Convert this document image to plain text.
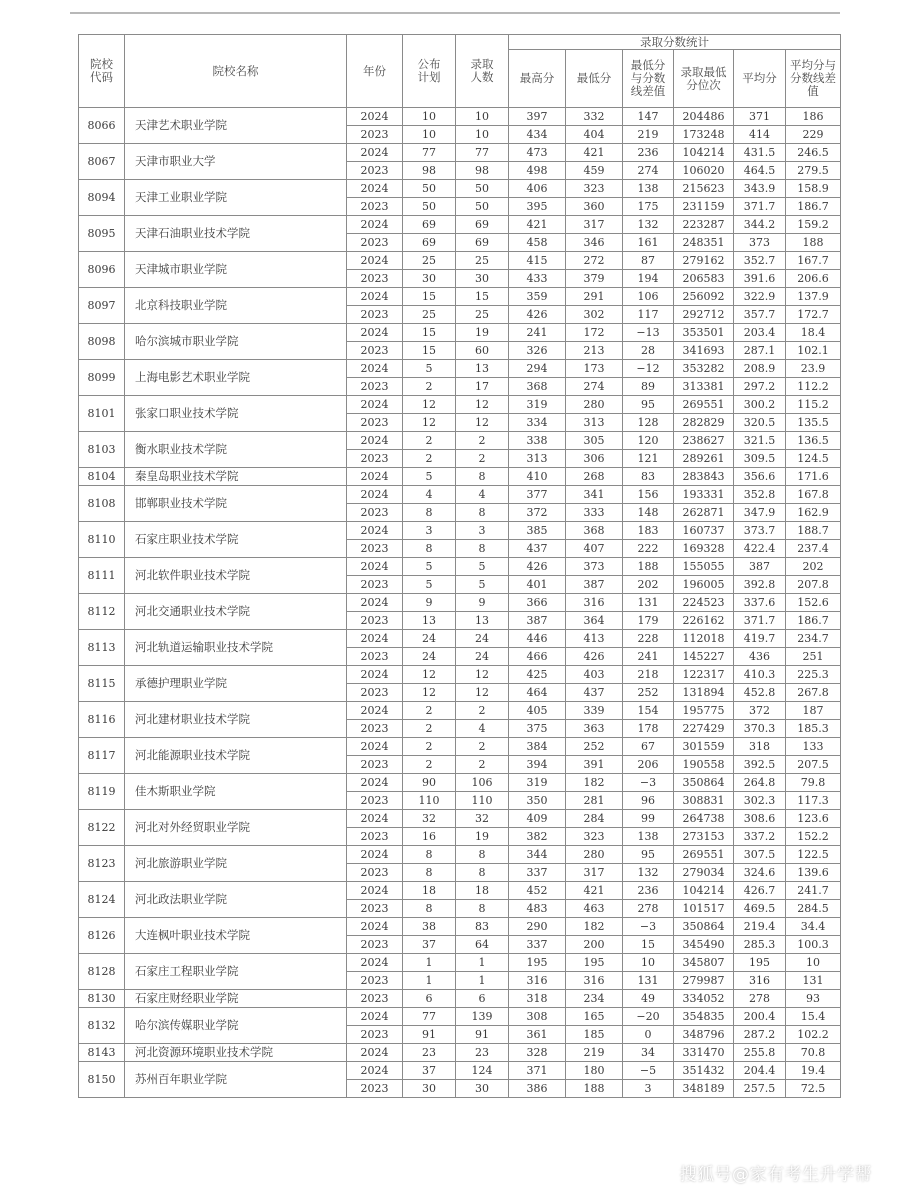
院校代码	院校名称	年份	公布计划	录取人数	录取分数统计					
					最高分	最低分	最低分与分数线差值	录取最低分位次	平均分	平均分与分数线差值
8066	天津艺术职业学院	2024	10	10	397	332	147	204486	371	186
		2023	10	10	434	404	219	173248	414	229
8067	天津市职业大学	2024	77	77	473	421	236	104214	431.5	246.5
		2023	98	98	498	459	274	106020	464.5	279.5
8094	天津工业职业学院	2024	50	50	406	323	138	215623	343.9	158.9
		2023	50	50	395	360	175	231159	371.7	186.7
8095	天津石油职业技术学院	2024	69	69	421	317	132	223287	344.2	159.2
		2023	69	69	458	346	161	248351	373	188
8096	天津城市职业学院	2024	25	25	415	272	87	279162	352.7	167.7
		2023	30	30	433	379	194	206583	391.6	206.6
8097	北京科技职业学院	2024	15	15	359	291	106	256092	322.9	137.9
		2023	25	25	426	302	117	292712	357.7	172.7
8098	哈尔滨城市职业学院	2024	15	19	241	172	−13	353501	203.4	18.4
		2023	15	60	326	213	28	341693	287.1	102.1
8099	上海电影艺术职业学院	2024	5	13	294	173	−12	353282	208.9	23.9
		2023	2	17	368	274	89	313381	297.2	112.2
8101	张家口职业技术学院	2024	12	12	319	280	95	269551	300.2	115.2
		2023	12	12	334	313	128	282829	320.5	135.5
8103	衡水职业技术学院	2024	2	2	338	305	120	238627	321.5	136.5
		2023	2	2	313	306	121	289261	309.5	124.5
8104	秦皇岛职业技术学院	2024	5	8	410	268	83	283843	356.6	171.6
8108	邯郸职业技术学院	2024	4	4	377	341	156	193331	352.8	167.8
		2023	8	8	372	333	148	262871	347.9	162.9
8110	石家庄职业技术学院	2024	3	3	385	368	183	160737	373.7	188.7
		2023	8	8	437	407	222	169328	422.4	237.4
8111	河北软件职业技术学院	2024	5	5	426	373	188	155055	387	202
		2023	5	5	401	387	202	196005	392.8	207.8
8112	河北交通职业技术学院	2024	9	9	366	316	131	224523	337.6	152.6
		2023	13	13	387	364	179	226162	371.7	186.7
8113	河北轨道运输职业技术学院	2024	24	24	446	413	228	112018	419.7	234.7
		2023	24	24	466	426	241	145227	436	251
8115	承德护理职业学院	2024	12	12	425	403	218	122317	410.3	225.3
		2023	12	12	464	437	252	131894	452.8	267.8
8116	河北建材职业技术学院	2024	2	2	405	339	154	195775	372	187
		2023	2	4	375	363	178	227429	370.3	185.3
8117	河北能源职业技术学院	2024	2	2	384	252	67	301559	318	133
		2023	2	2	394	391	206	190558	392.5	207.5
8119	佳木斯职业学院	2024	90	106	319	182	−3	350864	264.8	79.8
		2023	110	110	350	281	96	308831	302.3	117.3
8122	河北对外经贸职业学院	2024	32	32	409	284	99	264738	308.6	123.6
		2023	16	19	382	323	138	273153	337.2	152.2
8123	河北旅游职业学院	2024	8	8	344	280	95	269551	307.5	122.5
		2023	8	8	337	317	132	279034	324.6	139.6
8124	河北政法职业学院	2024	18	18	452	421	236	104214	426.7	241.7
		2023	8	8	483	463	278	101517	469.5	284.5
8126	大连枫叶职业技术学院	2024	38	83	290	182	−3	350864	219.4	34.4
		2023	37	64	337	200	15	345490	285.3	100.3
8128	石家庄工程职业学院	2024	1	1	195	195	10	345807	195	10
		2023	1	1	316	316	131	279987	316	131
8130	石家庄财经职业学院	2023	6	6	318	234	49	334052	278	93
8132	哈尔滨传媒职业学院	2024	77	139	308	165	−20	354835	200.4	15.4
		2023	91	91	361	185	0	348796	287.2	102.2
8143	河北资源环境职业技术学院	2024	23	23	328	219	34	331470	255.8	70.8
8150	苏州百年职业学院	2024	37	124	371	180	−5	351432	204.4	19.4
		2023	30	30	386	188	3	348189	257.5	72.5
搜狐号@家有考生升学帮
